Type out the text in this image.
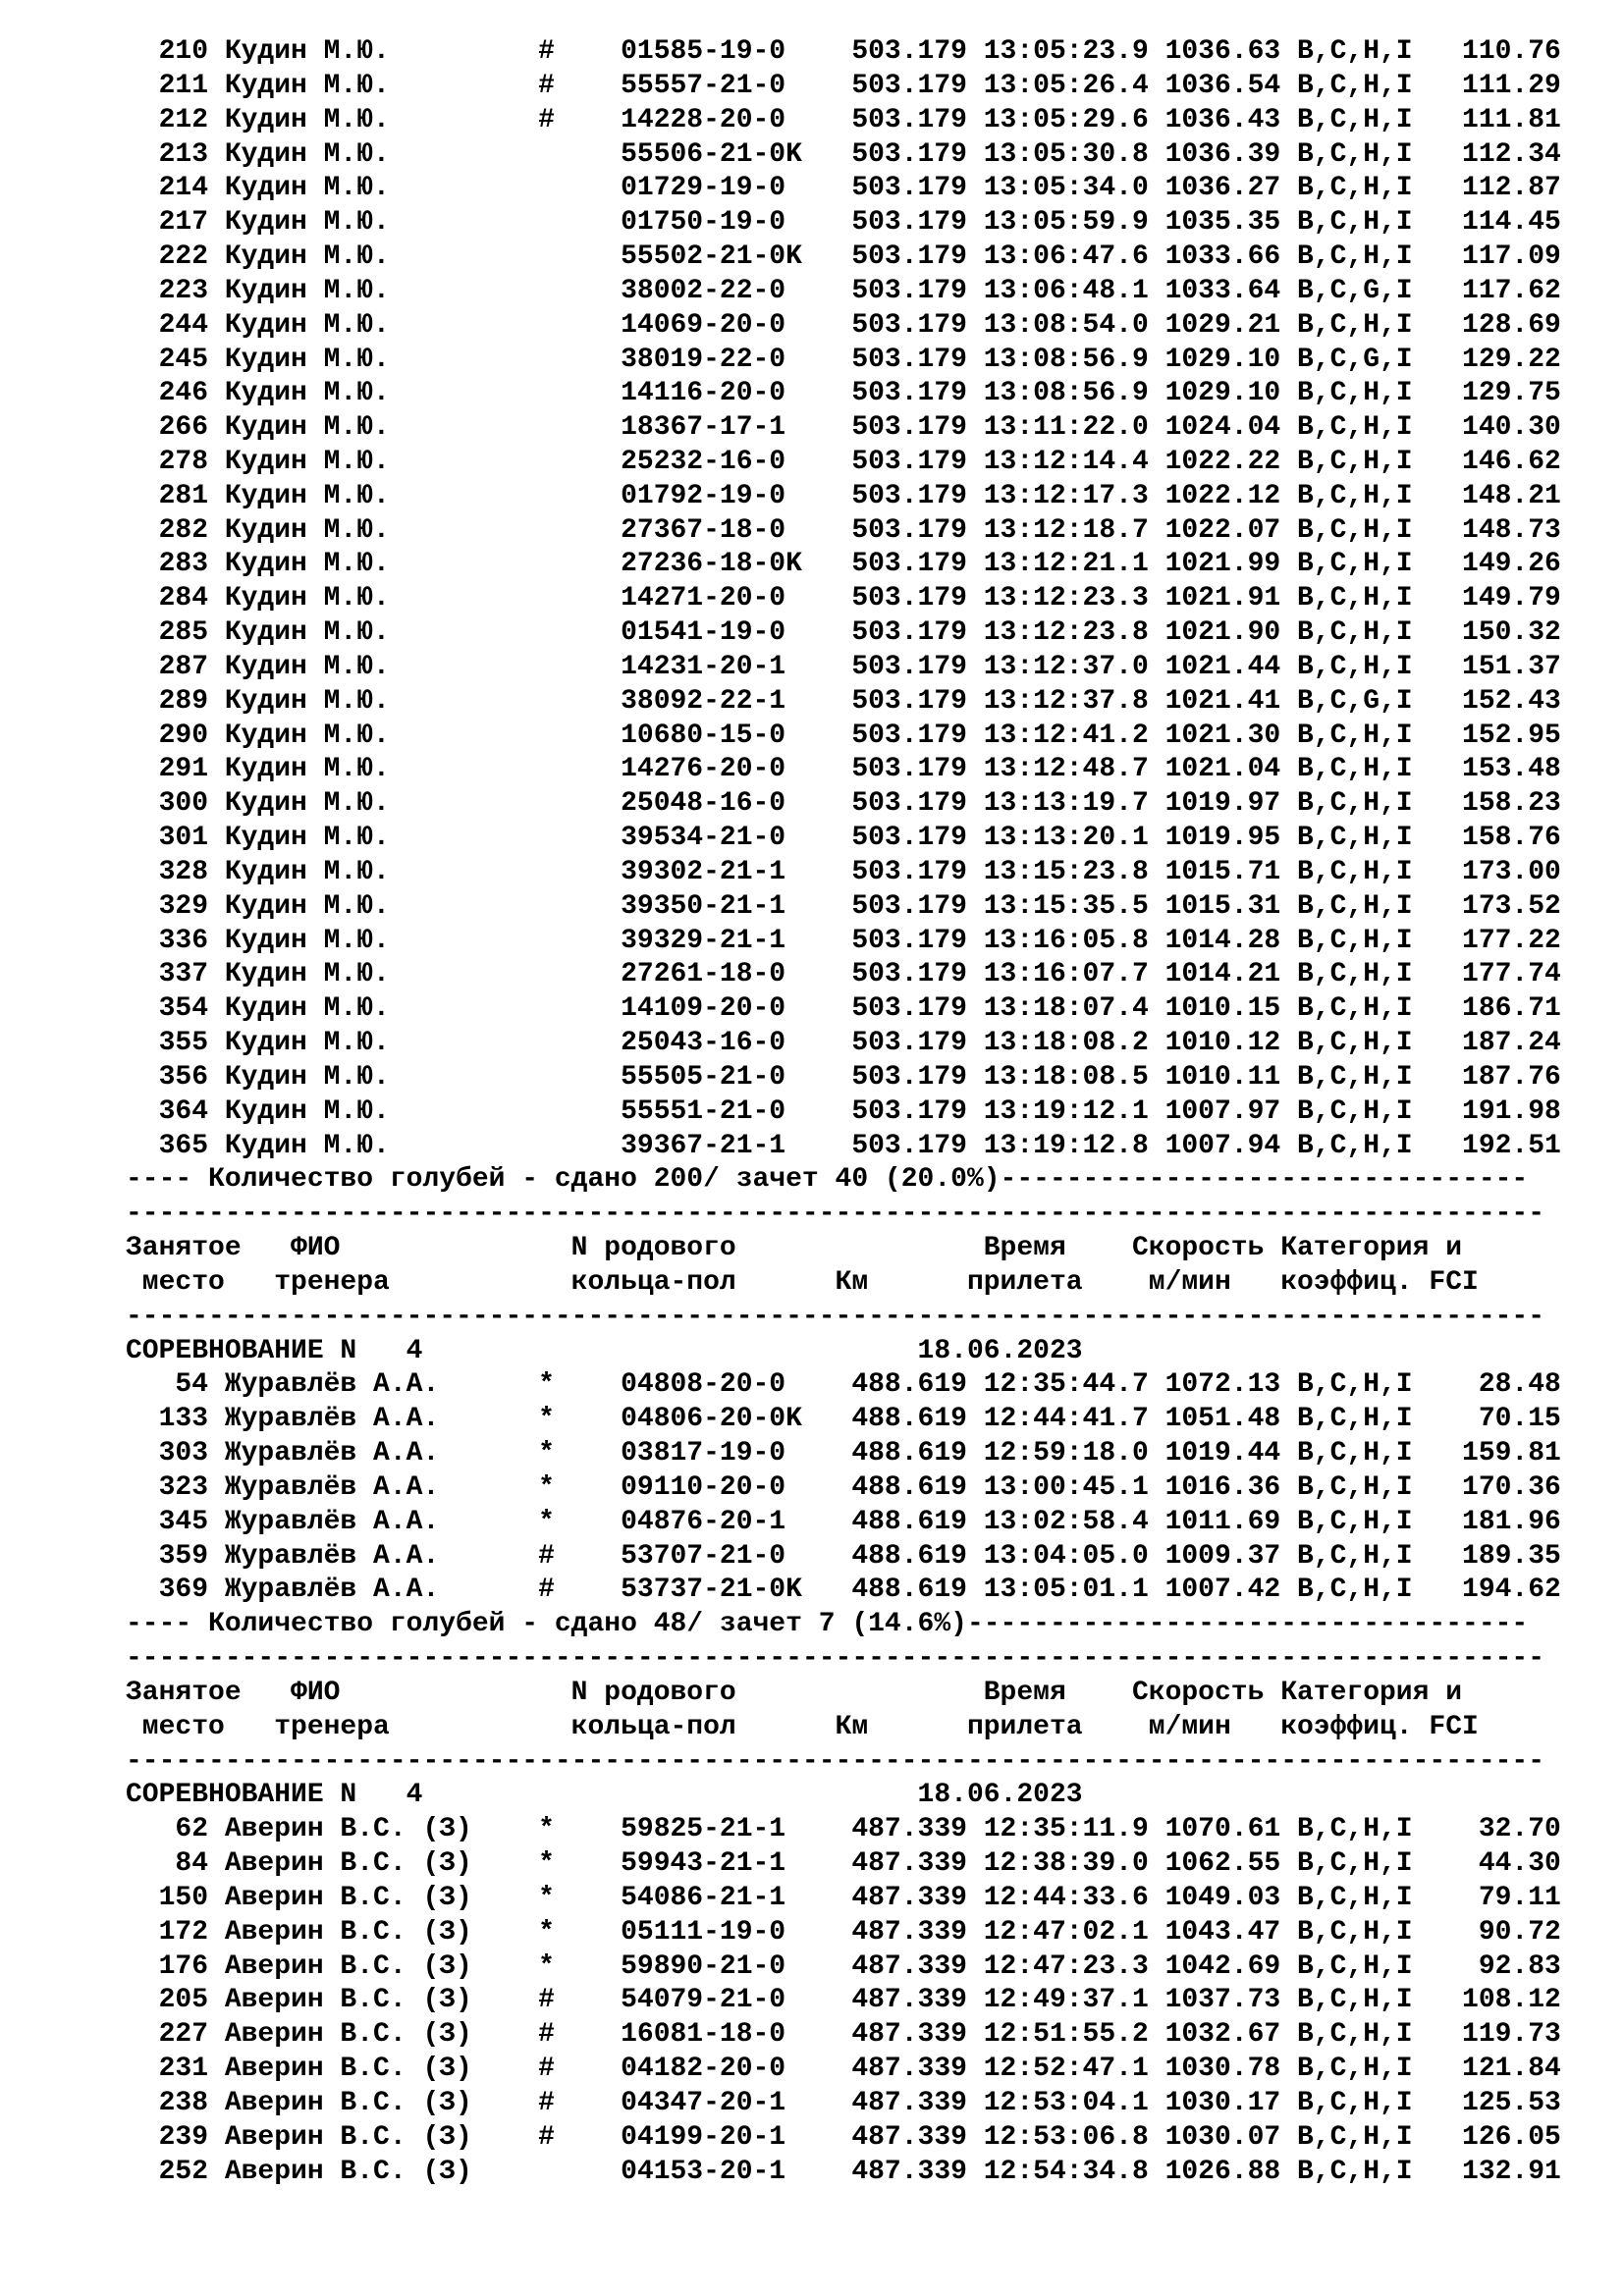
210 Кудин М.Ю.         #    01585-19-0    503.179 13:05:23.9 1036.63 B,C,H,I   110.76
211 Кудин М.Ю.         #    55557-21-0    503.179 13:05:26.4 1036.54 B,C,H,I   111.29
212 Кудин М.Ю.         #    14228-20-0    503.179 13:05:29.6 1036.43 B,C,H,I   111.81
213 Кудин М.Ю.              55506-21-0K   503.179 13:05:30.8 1036.39 B,C,H,I   112.34
214 Кудин М.Ю.              01729-19-0    503.179 13:05:34.0 1036.27 B,C,H,I   112.87
217 Кудин М.Ю.              01750-19-0    503.179 13:05:59.9 1035.35 B,C,H,I   114.45
222 Кудин М.Ю.              55502-21-0K   503.179 13:06:47.6 1033.66 B,C,H,I   117.09
223 Кудин М.Ю.              38002-22-0    503.179 13:06:48.1 1033.64 B,C,G,I   117.62
244 Кудин М.Ю.              14069-20-0    503.179 13:08:54.0 1029.21 B,C,H,I   128.69
245 Кудин М.Ю.              38019-22-0    503.179 13:08:56.9 1029.10 B,C,G,I   129.22
246 Кудин М.Ю.              14116-20-0    503.179 13:08:56.9 1029.10 B,C,H,I   129.75
266 Кудин М.Ю.              18367-17-1    503.179 13:11:22.0 1024.04 B,C,H,I   140.30
278 Кудин М.Ю.              25232-16-0    503.179 13:12:14.4 1022.22 B,C,H,I   146.62
281 Кудин М.Ю.              01792-19-0    503.179 13:12:17.3 1022.12 B,C,H,I   148.21
282 Кудин М.Ю.              27367-18-0    503.179 13:12:18.7 1022.07 B,C,H,I   148.73
283 Кудин М.Ю.              27236-18-0K   503.179 13:12:21.1 1021.99 B,C,H,I   149.26
284 Кудин М.Ю.              14271-20-0    503.179 13:12:23.3 1021.91 B,C,H,I   149.79
285 Кудин М.Ю.              01541-19-0    503.179 13:12:23.8 1021.90 B,C,H,I   150.32
287 Кудин М.Ю.              14231-20-1    503.179 13:12:37.0 1021.44 B,C,H,I   151.37
289 Кудин М.Ю.              38092-22-1    503.179 13:12:37.8 1021.41 B,C,G,I   152.43
290 Кудин М.Ю.              10680-15-0    503.179 13:12:41.2 1021.30 B,C,H,I   152.95
291 Кудин М.Ю.              14276-20-0    503.179 13:12:48.7 1021.04 B,C,H,I   153.48
300 Кудин М.Ю.              25048-16-0    503.179 13:13:19.7 1019.97 B,C,H,I   158.23
301 Кудин М.Ю.              39534-21-0    503.179 13:13:20.1 1019.95 B,C,H,I   158.76
328 Кудин М.Ю.              39302-21-1    503.179 13:15:23.8 1015.71 B,C,H,I   173.00
329 Кудин М.Ю.              39350-21-1    503.179 13:15:35.5 1015.31 B,C,H,I   173.52
336 Кудин М.Ю.              39329-21-1    503.179 13:16:05.8 1014.28 B,C,H,I   177.22
337 Кудин М.Ю.              27261-18-0    503.179 13:16:07.7 1014.21 B,C,H,I   177.74
354 Кудин М.Ю.              14109-20-0    503.179 13:18:07.4 1010.15 B,C,H,I   186.71
355 Кудин М.Ю.              25043-16-0    503.179 13:18:08.2 1010.12 B,C,H,I   187.24
356 Кудин М.Ю.              55505-21-0    503.179 13:18:08.5 1010.11 B,C,H,I   187.76
364 Кудин М.Ю.              55551-21-0    503.179 13:19:12.1 1007.97 B,C,H,I   191.98
365 Кудин М.Ю.              39367-21-1    503.179 13:19:12.8 1007.94 B,C,H,I   192.51
---- Количество голубей - сдано 200/ зачет 40 (20.0%)--------------------------------
--------------------------------------------------------------------------------------
Занятое   ФИО              N родового               Время    Скорость Категория и
место   тренера           кольца-пол      Км      прилета    м/мин   коэффиц. FCI
--------------------------------------------------------------------------------------
СОРЕВНОВАНИЕ N   4                              18.06.2023
54 Журавлёв А.А.      *    04808-20-0    488.619 12:35:44.7 1072.13 B,C,H,I    28.48
133 Журавлёв А.А.      *    04806-20-0K   488.619 12:44:41.7 1051.48 B,C,H,I    70.15
303 Журавлёв А.А.      *    03817-19-0    488.619 12:59:18.0 1019.44 B,C,H,I   159.81
323 Журавлёв А.А.      *    09110-20-0    488.619 13:00:45.1 1016.36 B,C,H,I   170.36
345 Журавлёв А.А.      *    04876-20-1    488.619 13:02:58.4 1011.69 B,C,H,I   181.96
359 Журавлёв А.А.      #    53707-21-0    488.619 13:04:05.0 1009.37 B,C,H,I   189.35
369 Журавлёв А.А.      #    53737-21-0K   488.619 13:05:01.1 1007.42 B,C,H,I   194.62
---- Количество голубей - сдано 48/ зачет 7 (14.6%)----------------------------------
--------------------------------------------------------------------------------------
Занятое   ФИО              N родового               Время    Скорость Категория и
место   тренера           кольца-пол      Км      прилета    м/мин   коэффиц. FCI
--------------------------------------------------------------------------------------
СОРЕВНОВАНИЕ N   4                              18.06.2023
62 Аверин В.С. (З)    *    59825-21-1    487.339 12:35:11.9 1070.61 B,C,H,I    32.70
84 Аверин В.С. (З)    *    59943-21-1    487.339 12:38:39.0 1062.55 B,C,H,I    44.30
150 Аверин В.С. (З)    *    54086-21-1    487.339 12:44:33.6 1049.03 B,C,H,I    79.11
172 Аверин В.С. (З)    *    05111-19-0    487.339 12:47:02.1 1043.47 B,C,H,I    90.72
176 Аверин В.С. (З)    *    59890-21-0    487.339 12:47:23.3 1042.69 B,C,H,I    92.83
205 Аверин В.С. (З)    #    54079-21-0    487.339 12:49:37.1 1037.73 B,C,H,I   108.12
227 Аверин В.С. (З)    #    16081-18-0    487.339 12:51:55.2 1032.67 B,C,H,I   119.73
231 Аверин В.С. (З)    #    04182-20-0    487.339 12:52:47.1 1030.78 B,C,H,I   121.84
238 Аверин В.С. (З)    #    04347-20-1    487.339 12:53:04.1 1030.17 B,C,H,I   125.53
239 Аверин В.С. (З)    #    04199-20-1    487.339 12:53:06.8 1030.07 B,C,H,I   126.05
252 Аверин В.С. (З)         04153-20-1    487.339 12:54:34.8 1026.88 B,C,H,I   132.91
